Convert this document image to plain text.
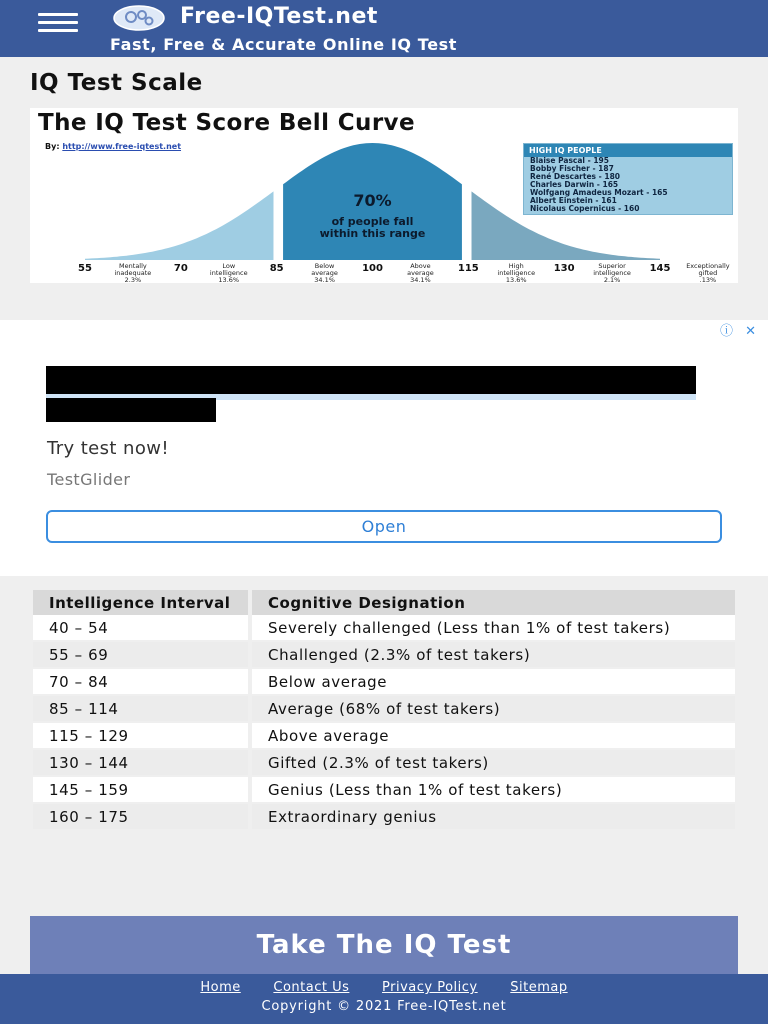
Free-IQTest.net
Fast, Free & Accurate Online IQ Test
IQ Test Scale
70%
of people fall
within this range
55	70	85	100	115	130	145
Mentally
inadequate
2.3%
Low
intelligence
13.6%
Below
average
34.1%
Above
average
34.1%
High
intelligence
13.6%
Superior
intelligence
2.1%
Exceptionally
gifted
.13%
The IQ Test Score Bell Curve
By: http://www.free-iqtest.net	HIGH IQ PEOPLE
Blaise Pascal - 195
Bobby Fischer - 187
René Descartes - 180
Charles Darwin - 165
Wolfgang Amadeus Mozart - 165
Albert Einstein - 161
Nicolaus Copernicus - 160
ⓘ ✕
Try test now!
TestGlider
Open
Intelligence Interval	Cognitive Designation
40 – 54	Severely challenged (Less than 1% of test takers)
55 – 69	Challenged (2.3% of test takers)
70 – 84	Below average
85 – 114	Average (68% of test takers)
115 – 129	Above average
130 – 144	Gifted (2.3% of test takers)
145 – 159	Genius (Less than 1% of test takers)
160 – 175	Extraordinary genius
Take The IQ Test
Home	Contact Us	Privacy Policy	Sitemap
Copyright © 2021 Free-IQTest.net
